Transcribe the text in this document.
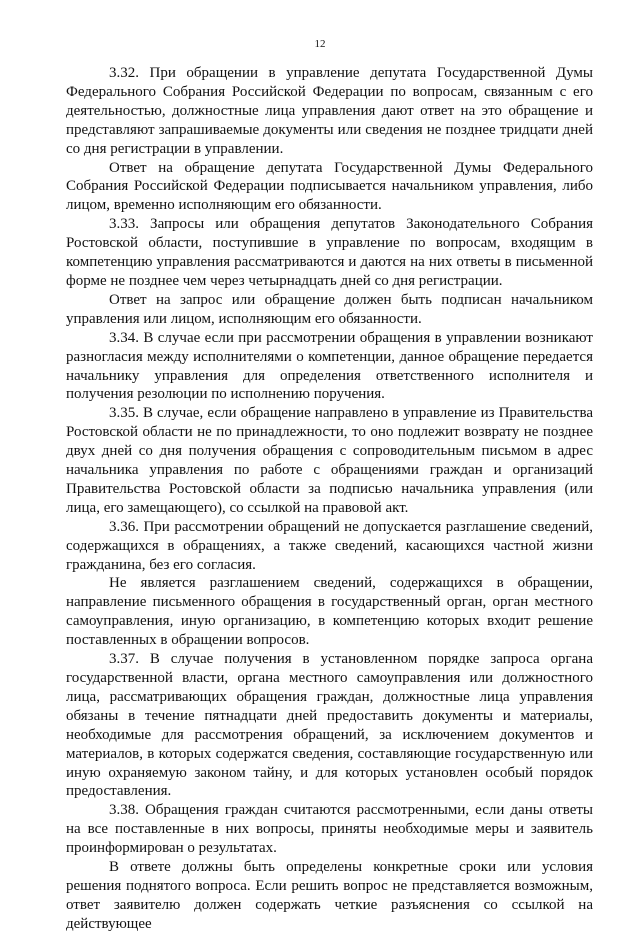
12

3.32. При обращении в управление депутата Государственной Думы Федерального Собрания Российской Федерации по вопросам, связанным с его деятельностью, должностные лица управления дают ответ на это обращение и представляют запрашиваемые документы или сведения не позднее тридцати дней со дня регистрации в управлении.

Ответ на обращение депутата Государственной Думы Федерального Собрания Российской Федерации подписывается начальником управления, либо лицом, временно исполняющим его обязанности.

3.33. Запросы или обращения депутатов Законодательного Собрания Ростовской области, поступившие в управление по вопросам, входящим в компетенцию управления рассматриваются и даются на них ответы в письменной форме не позднее чем через четырнадцать дней со дня регистрации.

Ответ на запрос или обращение должен быть подписан начальником управления или лицом, исполняющим его обязанности.

3.34. В случае если при рассмотрении обращения в управлении возникают разногласия между исполнителями о компетенции, данное обращение передается начальнику управления для определения ответственного исполнителя и получения резолюции по исполнению поручения.

3.35. В случае, если обращение направлено в управление из Правительства Ростовской области не по принадлежности, то оно подлежит возврату не позднее двух дней со дня получения обращения с сопроводительным письмом в адрес начальника управления по работе с обращениями граждан и организаций Правительства Ростовской области за подписью начальника управления (или лица, его замещающего), со ссылкой на правовой акт.

3.36. При рассмотрении обращений не допускается разглашение сведений, содержащихся в обращениях, а также сведений, касающихся частной жизни гражданина, без его согласия.

Не является разглашением сведений, содержащихся в обращении, направление письменного обращения в государственный орган, орган местного самоуправления, иную организацию, в компетенцию которых входит решение поставленных в обращении вопросов.

3.37. В случае получения в установленном порядке запроса органа государственной власти, органа местного самоуправления или должностного лица, рассматривающих обращения граждан, должностные лица управления обязаны в течение пятнадцати дней предоставить документы и материалы, необходимые для рассмотрения обращений, за исключением документов и материалов, в которых содержатся сведения, составляющие государственную или иную охраняемую законом тайну, и для которых установлен особый порядок предоставления.

3.38. Обращения граждан считаются рассмотренными, если даны ответы на все поставленные в них вопросы, приняты необходимые меры и заявитель проинформирован о результатах.

В ответе должны быть определены конкретные сроки или условия решения поднятого вопроса. Если решить вопрос не представляется возможным, ответ заявителю должен содержать четкие разъяснения со ссылкой на действующее
